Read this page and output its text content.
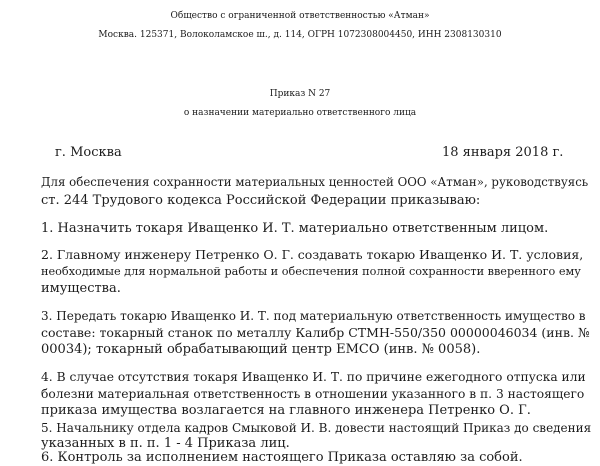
Общество с ограниченной ответственностью «Атман»
Москва. 125371, Волоколамское ш., д. 114, ОГРН 1072308004450, ИНН 2308130310
Приказ N 27
о назначении материально ответственного лица
г. Москва	18 января 2018 г.
Для обеспечения сохранности материальных ценностей ООО «Атман», руководствуясь
ст. 244 Трудового кодекса Российской Федерации приказываю:
1. Назначить токаря Иващенко И. Т. материально ответственным лицом.
2. Главному инженеру Петренко О. Г. создавать токарю Иващенко И. Т. условия,
необходимые для нормальной работы и обеспечения полной сохранности вверенного ему
имущества.
3. Передать токарю Иващенко И. Т. под материальную ответственность имущество в
составе: токарный станок по металлу Калибр СТМН-550/350 00000046034 (инв. №
00034); токарный обрабатывающий центр ЕМСО (инв. № 0058).
4. В случае отсутствия токаря Иващенко И. Т. по причине ежегодного отпуска или
болезни материальная ответственность в отношении указанного в п. 3 настоящего
приказа имущества возлагается на главного инженера Петренко О. Г.
5. Начальнику отдела кадров Смыковой И. В. довести настоящий Приказ до сведения
указанных в п. п. 1 - 4 Приказа лиц.
6. Контроль за исполнением настоящего Приказа оставляю за собой.
